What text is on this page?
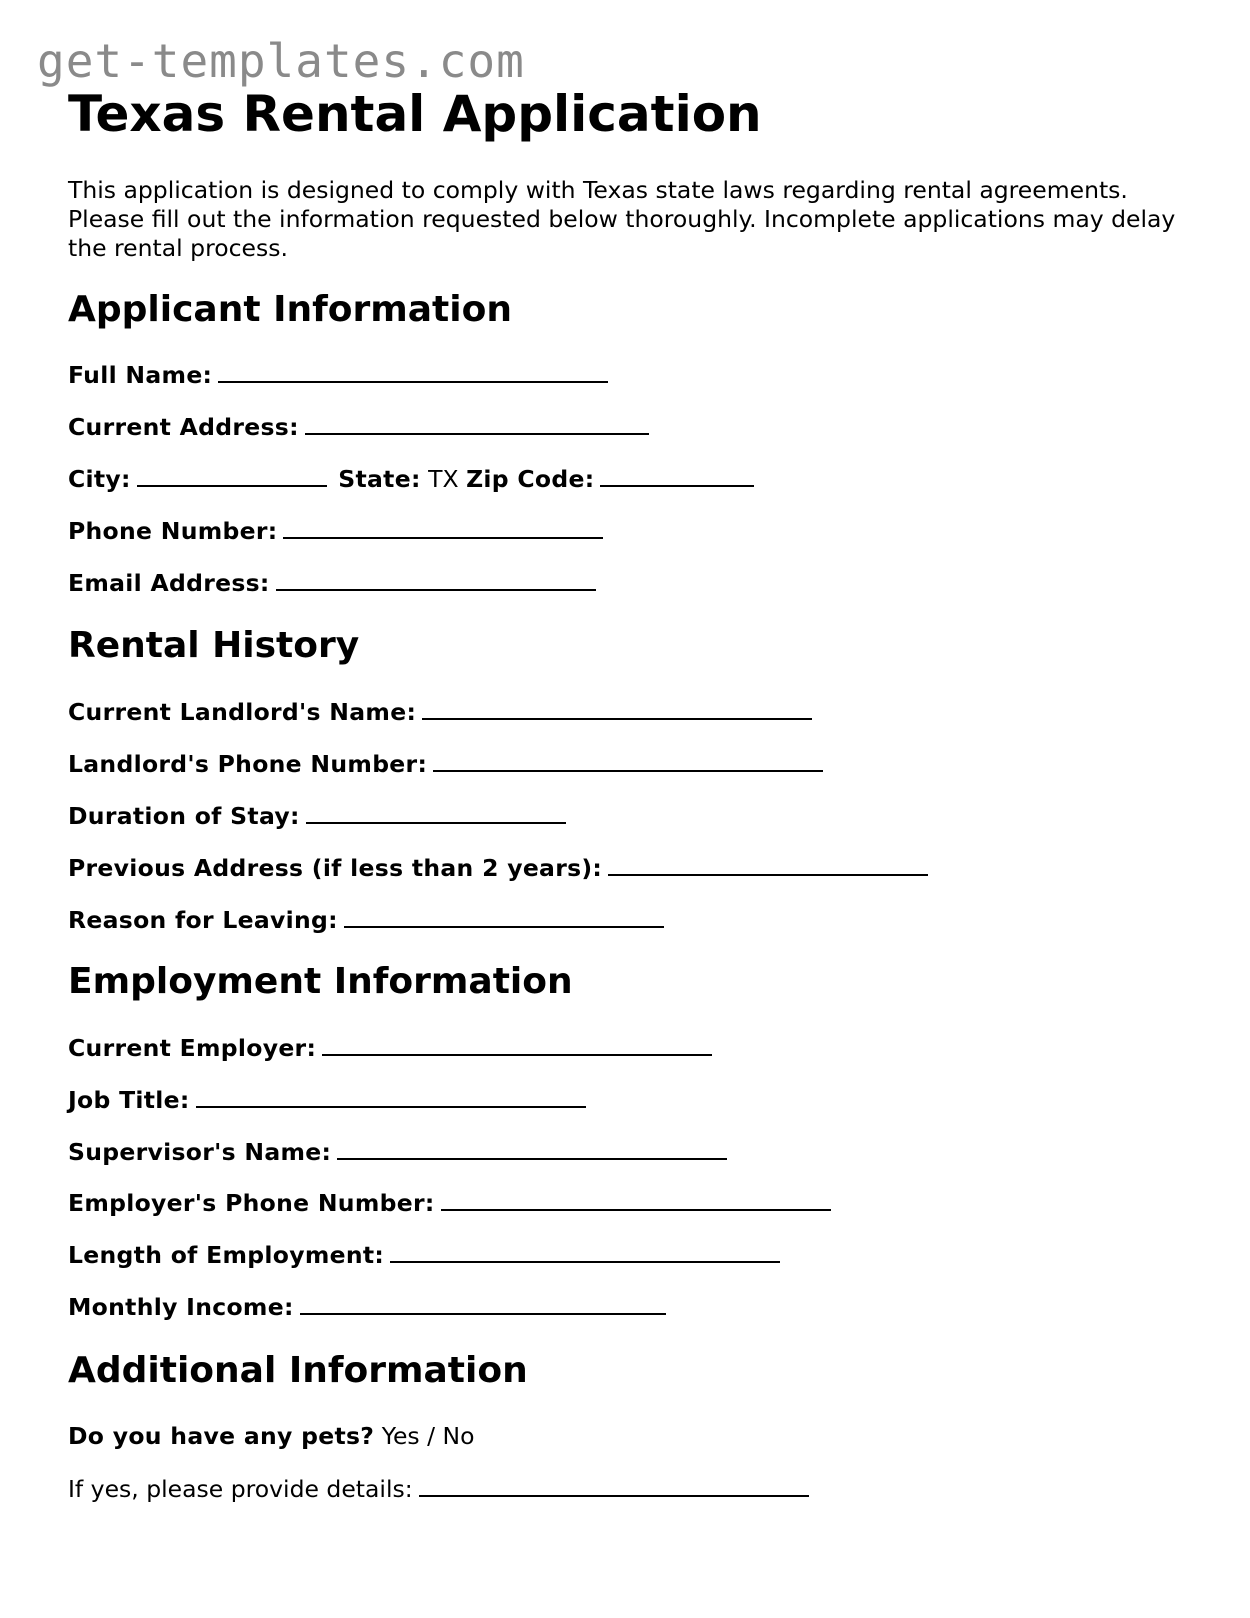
get-templates.com
Texas Rental Application

This application is designed to comply with Texas state laws regarding rental agreements. Please fill out the information requested below thoroughly. Incomplete applications may delay the rental process.

Applicant Information
Full Name:
Current Address:
City:	State: TX Zip Code:
Phone Number:
Email Address:
Rental History
Current Landlord's Name:
Landlord's Phone Number:
Duration of Stay:
Previous Address (if less than 2 years):
Reason for Leaving:
Employment Information
Current Employer:
Job Title:
Supervisor's Name:
Employer's Phone Number:
Length of Employment:
Monthly Income:
Additional Information
Do you have any pets? Yes / No
If yes, please provide details:
